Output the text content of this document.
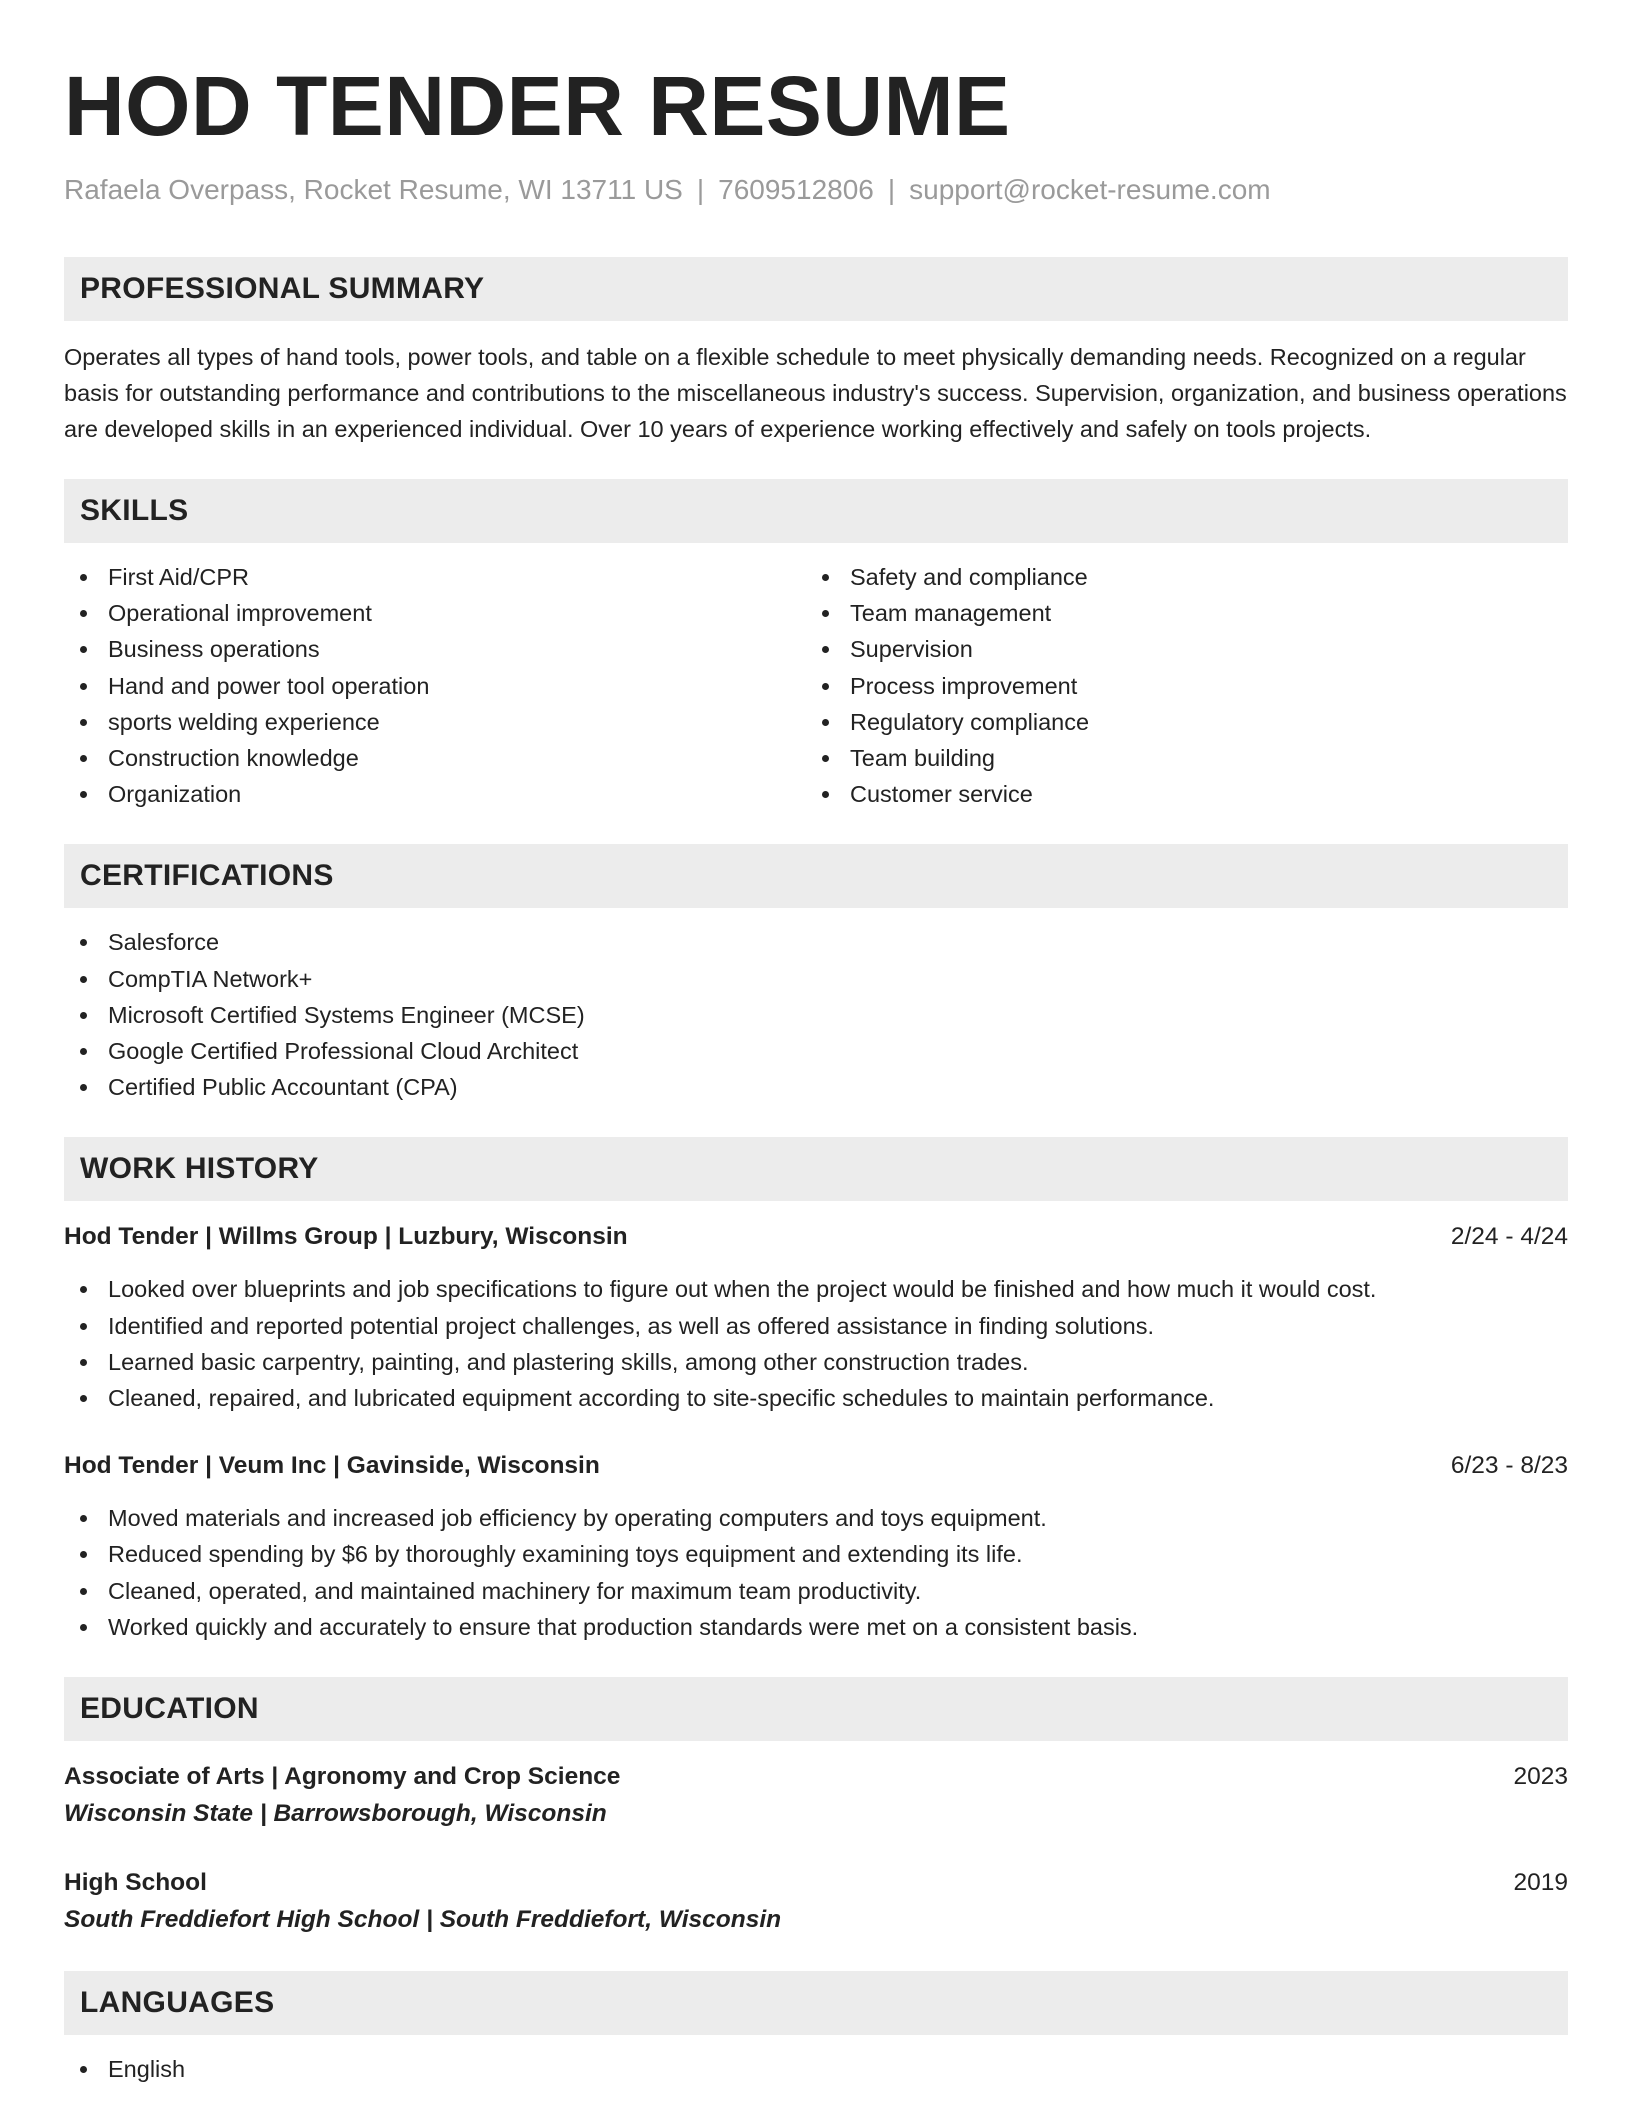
HOD TENDER RESUME
Rafaela Overpass, Rocket Resume, WI 13711 US | 7609512806 | support@rocket-resume.com
PROFESSIONAL SUMMARY

Operates all types of hand tools, power tools, and table on a flexible schedule to meet physically demanding needs. Recognized on a regular basis for outstanding performance and contributions to the miscellaneous industry's success. Supervision, organization, and business operations are developed skills in an experienced individual. Over 10 years of experience working effectively and safely on tools projects.

SKILLS
First Aid/CPR
Operational improvement
Business operations
Hand and power tool operation
sports welding experience
Construction knowledge
Organization
Safety and compliance
Team management
Supervision
Process improvement
Regulatory compliance
Team building
Customer service
CERTIFICATIONS
Salesforce
CompTIA Network+
Microsoft Certified Systems Engineer (MCSE)
Google Certified Professional Cloud Architect
Certified Public Accountant (CPA)
WORK HISTORY
Hod Tender | Willms Group | Luzbury, Wisconsin	2/24 - 4/24
Looked over blueprints and job specifications to figure out when the project would be finished and how much it would cost.
Identified and reported potential project challenges, as well as offered assistance in finding solutions.
Learned basic carpentry, painting, and plastering skills, among other construction trades.
Cleaned, repaired, and lubricated equipment according to site-specific schedules to maintain performance.
Hod Tender | Veum Inc | Gavinside, Wisconsin	6/23 - 8/23
Moved materials and increased job efficiency by operating computers and toys equipment.
Reduced spending by $6 by thoroughly examining toys equipment and extending its life.
Cleaned, operated, and maintained machinery for maximum team productivity.
Worked quickly and accurately to ensure that production standards were met on a consistent basis.
EDUCATION
Associate of Arts | Agronomy and Crop Science	2023
Wisconsin State | Barrowsborough, Wisconsin
High School	2019
South Freddiefort High School | South Freddiefort, Wisconsin
LANGUAGES
English
